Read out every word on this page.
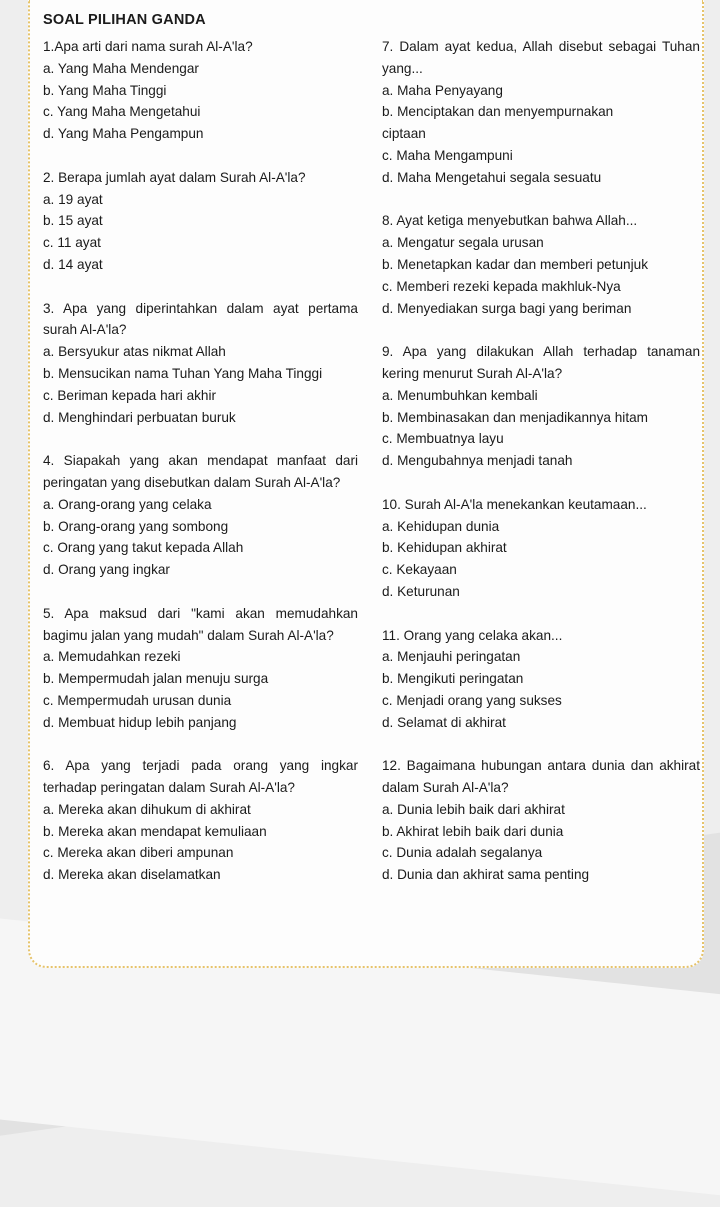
SOAL PILIHAN GANDA

1.Apa arti dari nama surah Al-A'la?

a. Yang Maha Mendengar

b. Yang Maha Tinggi

c. Yang Maha Mengetahui

d. Yang Maha Pengampun

2. Berapa jumlah ayat dalam Surah Al-A'la?

a. 19 ayat

b. 15 ayat

c. 11 ayat

d. 14 ayat

3. Apa yang diperintahkan dalam ayat pertama surah Al-A'la?

a. Bersyukur atas nikmat Allah

b. Mensucikan nama Tuhan Yang Maha Tinggi

c. Beriman kepada hari akhir

d. Menghindari perbuatan buruk

4. Siapakah yang akan mendapat manfaat dari peringatan yang disebutkan dalam Surah Al-A'la?

a. Orang-orang yang celaka

b. Orang-orang yang sombong

c. Orang yang takut kepada Allah

d. Orang yang ingkar

5. Apa maksud dari "kami akan memudahkan bagimu jalan yang mudah" dalam Surah Al-A'la?

a. Memudahkan rezeki

b. Mempermudah jalan menuju surga

c. Mempermudah urusan dunia

d. Membuat hidup lebih panjang

6. Apa yang terjadi pada orang yang ingkar terhadap peringatan dalam Surah Al-A'la?

a. Mereka akan dihukum di akhirat

b. Mereka akan mendapat kemuliaan

c. Mereka akan diberi ampunan

d. Mereka akan diselamatkan

7. Dalam ayat kedua, Allah disebut sebagai Tuhan yang...

a. Maha Penyayang

b. Menciptakan dan menyempurnakan ciptaan

c. Maha Mengampuni

d. Maha Mengetahui segala sesuatu

8. Ayat ketiga menyebutkan bahwa Allah...

a. Mengatur segala urusan

b. Menetapkan kadar dan memberi petunjuk

c. Memberi rezeki kepada makhluk-Nya

d. Menyediakan surga bagi yang beriman

9. Apa yang dilakukan Allah terhadap tanaman kering menurut Surah Al-A'la?

a. Menumbuhkan kembali

b. Membinasakan dan menjadikannya hitam

c. Membuatnya layu

d. Mengubahnya menjadi tanah

10. Surah Al-A'la menekankan keutamaan...

a. Kehidupan dunia

b. Kehidupan akhirat

c. Kekayaan

d. Keturunan

11. Orang yang celaka akan...

a. Menjauhi peringatan

b. Mengikuti peringatan

c. Menjadi orang yang sukses

d. Selamat di akhirat

12. Bagaimana hubungan antara dunia dan akhirat dalam Surah Al-A'la?

a. Dunia lebih baik dari akhirat

b. Akhirat lebih baik dari dunia

c. Dunia adalah segalanya

d. Dunia dan akhirat sama penting
